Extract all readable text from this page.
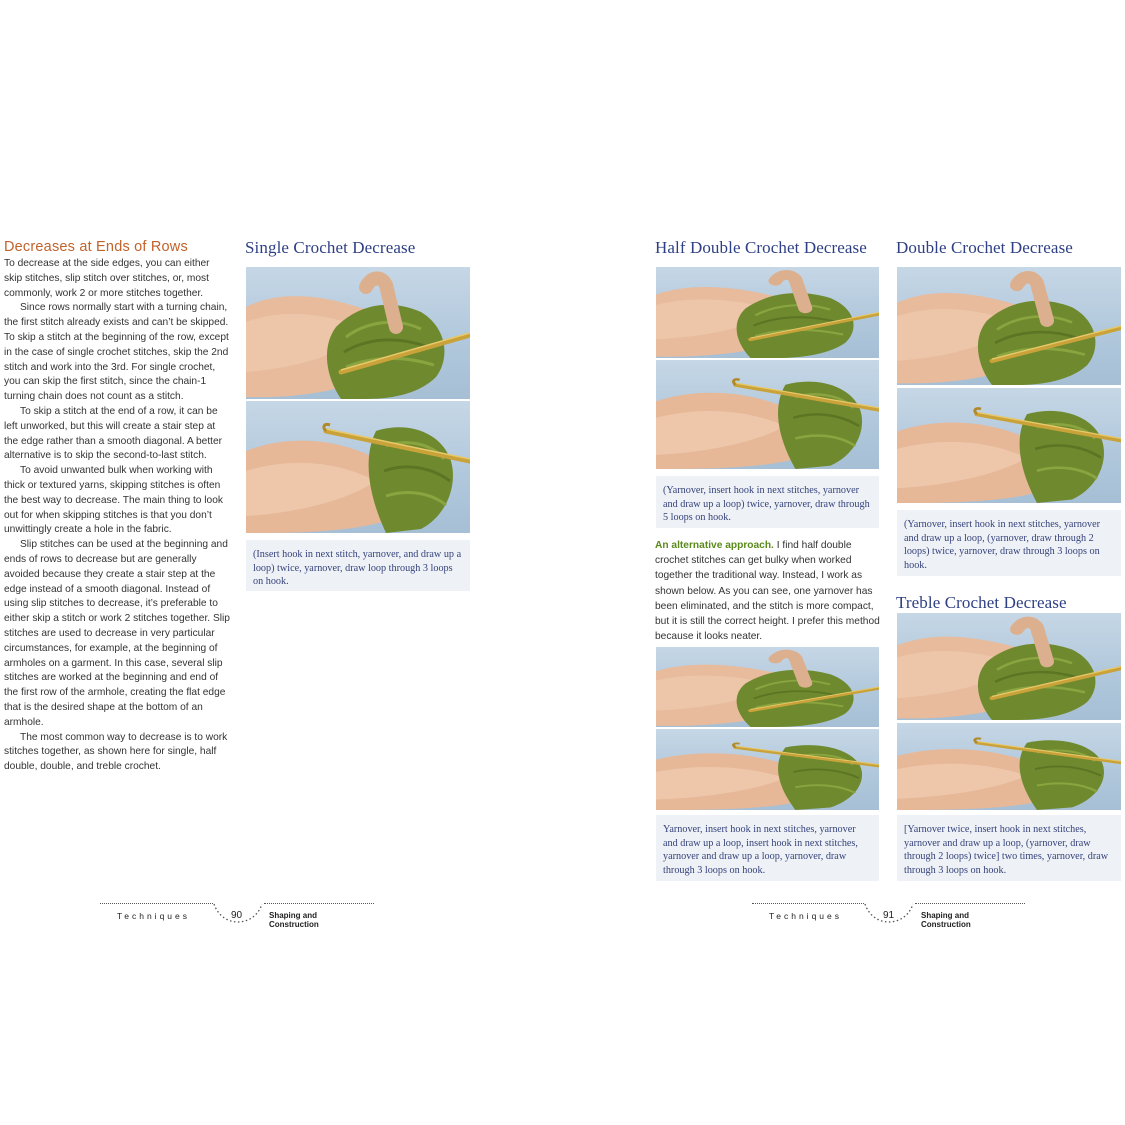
Decreases at Ends of Rows

To decrease at the side edges, you can either skip stitches, slip stitch over stitches, or, most commonly, work 2 or more stitches together.

Since rows normally start with a turning chain, the first stitch already exists and can’t be skipped. To skip a stitch at the beginning of the row, except in the case of single crochet stitches, skip the 2nd stitch and work into the 3rd. For single crochet, you can skip the first stitch, since the chain-1 turning chain does not count as a stitch.

To skip a stitch at the end of a row, it can be left unworked, but this will create a stair step at the edge rather than a smooth diagonal. A better alternative is to skip the second-to-last stitch.

To avoid unwanted bulk when working with thick or textured yarns, skipping stitches is often the best way to decrease. The main thing to look out for when skipping stitches is that you don’t unwittingly create a hole in the fabric.

Slip stitches can be used at the beginning and ends of rows to decrease but are generally avoided because they create a stair step at the edge instead of a smooth diagonal. Instead of using slip stitches to decrease, it’s preferable to either skip a stitch or work 2 stitches together. Slip stitches are used to decrease in very particular circumstances, for example, at the beginning of armholes on a garment. In this case, several slip stitches are worked at the beginning and end of the first row of the armhole, creating the flat edge that is the desired shape at the bottom of an armhole.

The most common way to decrease is to work stitches together, as shown here for single, half double, double, and treble crochet.

Single Crochet Decrease
(Insert hook in next stitch, yarnover, and draw up a loop) twice, yarnover, draw loop through 3 loops on hook.
Techniques	90	Shaping and Construction
Half Double Crochet Decrease
(Yarnover, insert hook in next stitches, yarnover and draw up a loop) twice, yarnover, draw through 5 loops on hook.
An alternative approach. I find half double crochet stitches can get bulky when worked together the traditional way. Instead, I work as shown below. As you can see, one yarnover has been eliminated, and the stitch is more compact, but it is still the correct height. I prefer this method because it looks neater.
Yarnover, insert hook in next stitches, yarnover and draw up a loop, insert hook in next stitches, yarnover and draw up a loop, yarnover, draw through 3 loops on hook.
Double Crochet Decrease
(Yarnover, insert hook in next stitches, yarnover and draw up a loop, (yarnover, draw through 2 loops) twice, yarnover, draw through 3 loops on hook.
Treble Crochet Decrease
[Yarnover twice, insert hook in next stitches, yarnover and draw up a loop, (yarnover, draw through 2 loops) twice] two times, yarnover, draw through 3 loops on hook.
Techniques	91	Shaping and Construction
